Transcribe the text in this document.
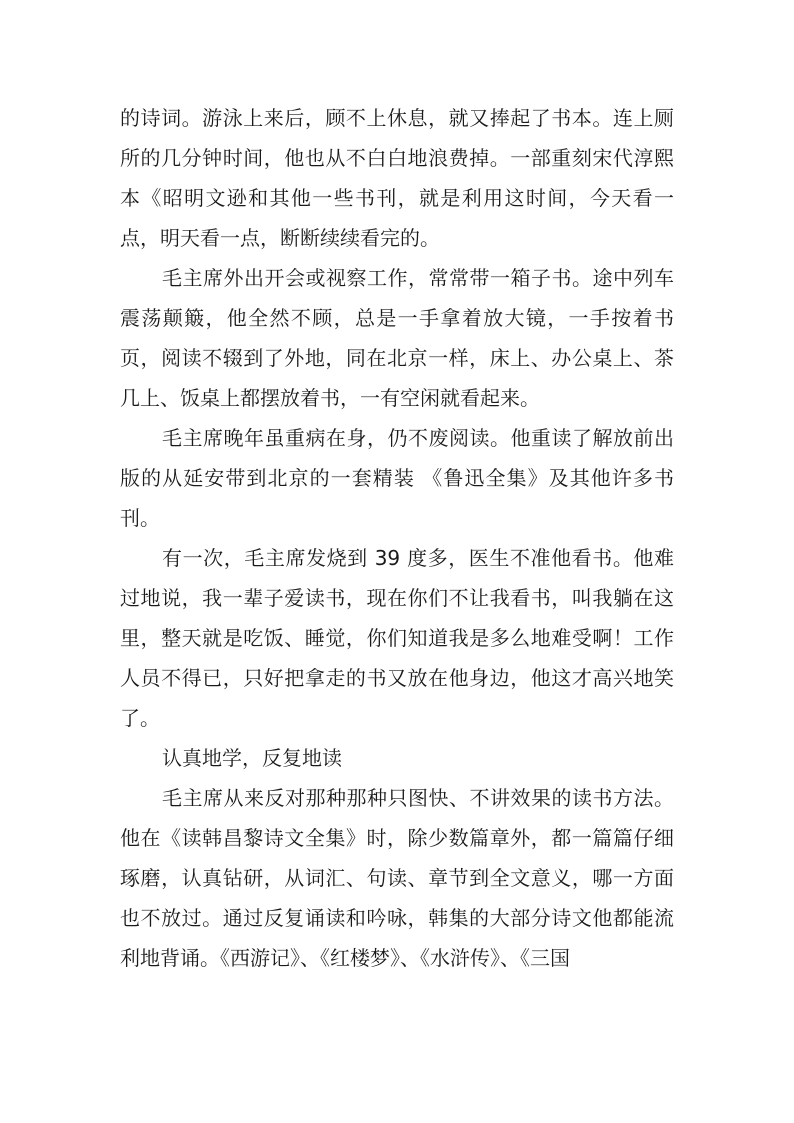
的诗词。游泳上来后，顾不上休息，就又捧起了书本。连上厕所的几分钟时间，他也从不白白地浪费掉。一部重刻宋代淳熙本《昭明文逊和其他一些书刊，就是利用这时间，今天看一点，明天看一点，断断续续看完的。

毛主席外出开会或视察工作，常常带一箱子书。途中列车震荡颠簸，他全然不顾，总是一手拿着放大镜，一手按着书页，阅读不辍到了外地，同在北京一样，床上、办公桌上、茶几上、饭桌上都摆放着书，一有空闲就看起来。

毛主席晚年虽重病在身，仍不废阅读。他重读了解放前出版的从延安带到北京的一套精装 《鲁迅全集》及其他许多书刊。

有一次，毛主席发烧到 39 度多，医生不准他看书。他难过地说，我一辈子爱读书，现在你们不让我看书，叫我躺在这里，整天就是吃饭、睡觉，你们知道我是多么地难受啊！工作人员不得已，只好把拿走的书又放在他身边，他这才高兴地笑了。

认真地学，反复地读

毛主席从来反对那种那种只图快、不讲效果的读书方法。他在《读韩昌黎诗文全集》时，除少数篇章外，都一篇篇仔细琢磨，认真钻研，从词汇、句读、章节到全文意义，哪一方面也不放过。通过反复诵读和吟咏，韩集的大部分诗文他都能流利地背诵。《西游记》、《红楼梦》、《水浒传》、《三国
